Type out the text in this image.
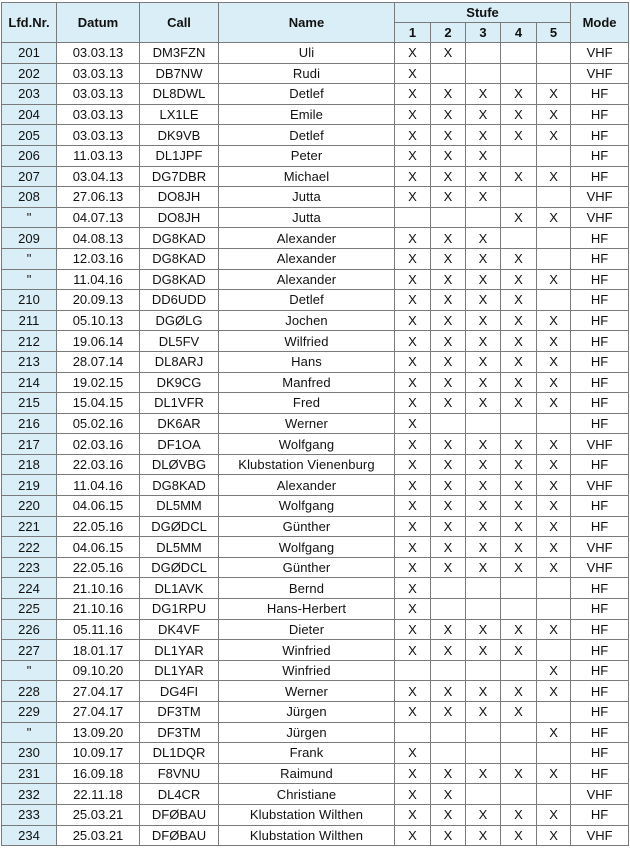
Lfd.Nr.	Datum	Call	Name	Stufe					Mode
				1	2	3	4	5	
201	03.03.13	DM3FZN	Uli	X	X				VHF
202	03.03.13	DB7NW	Rudi	X					VHF
203	03.03.13	DL8DWL	Detlef	X	X	X	X	X	HF
204	03.03.13	LX1LE	Emile	X	X	X	X	X	HF
205	03.03.13	DK9VB	Detlef	X	X	X	X	X	HF
206	11.03.13	DL1JPF	Peter	X	X	X			HF
207	03.04.13	DG7DBR	Michael	X	X	X	X	X	HF
208	27.06.13	DO8JH	Jutta	X	X	X			VHF
"	04.07.13	DO8JH	Jutta				X	X	VHF
209	04.08.13	DG8KAD	Alexander	X	X	X			HF
"	12.03.16	DG8KAD	Alexander	X	X	X	X		HF
"	11.04.16	DG8KAD	Alexander	X	X	X	X	X	HF
210	20.09.13	DD6UDD	Detlef	X	X	X	X		HF
211	05.10.13	DGØLG	Jochen	X	X	X	X	X	HF
212	19.06.14	DL5FV	Wilfried	X	X	X	X	X	HF
213	28.07.14	DL8ARJ	Hans	X	X	X	X	X	HF
214	19.02.15	DK9CG	Manfred	X	X	X	X	X	HF
215	15.04.15	DL1VFR	Fred	X	X	X	X	X	HF
216	05.02.16	DK6AR	Werner	X					HF
217	02.03.16	DF1OA	Wolfgang	X	X	X	X	X	VHF
218	22.03.16	DLØVBG	Klubstation Vienenburg	X	X	X	X	X	HF
219	11.04.16	DG8KAD	Alexander	X	X	X	X	X	VHF
220	04.06.15	DL5MM	Wolfgang	X	X	X	X	X	HF
221	22.05.16	DGØDCL	Günther	X	X	X	X	X	HF
222	04.06.15	DL5MM	Wolfgang	X	X	X	X	X	VHF
223	22.05.16	DGØDCL	Günther	X	X	X	X	X	VHF
224	21.10.16	DL1AVK	Bernd	X					HF
225	21.10.16	DG1RPU	Hans-Herbert	X					HF
226	05.11.16	DK4VF	Dieter	X	X	X	X	X	HF
227	18.01.17	DL1YAR	Winfried	X	X	X	X		HF
"	09.10.20	DL1YAR	Winfried					X	HF
228	27.04.17	DG4FI	Werner	X	X	X	X	X	HF
229	27.04.17	DF3TM	Jürgen	X	X	X	X		HF
"	13.09.20	DF3TM	Jürgen					X	HF
230	10.09.17	DL1DQR	Frank	X					HF
231	16.09.18	F8VNU	Raimund	X	X	X	X	X	HF
232	22.11.18	DL4CR	Christiane	X	X				VHF
233	25.03.21	DFØBAU	Klubstation Wilthen	X	X	X	X	X	HF
234	25.03.21	DFØBAU	Klubstation Wilthen	X	X	X	X	X	VHF
